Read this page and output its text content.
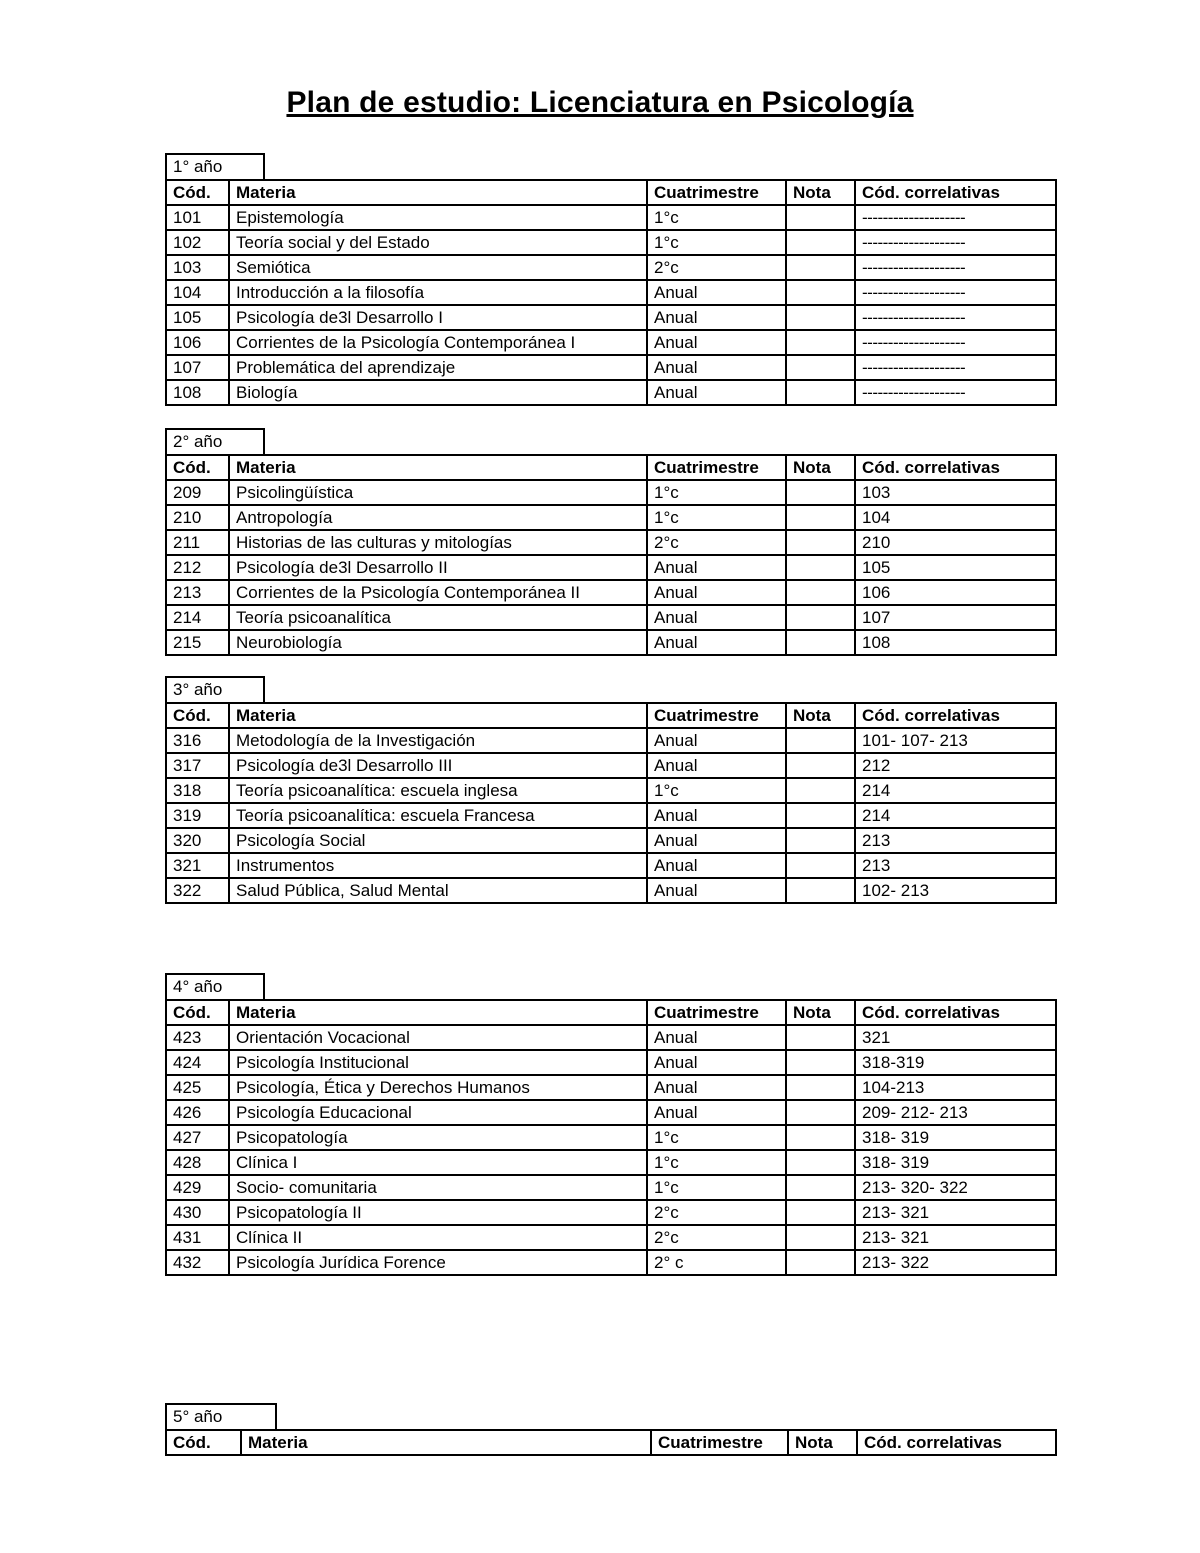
Plan de estudio: Licenciatura en Psicología
1° año
Cód.	Materia	Cuatrimestre	Nota	Cód. correlativas
101	Epistemología	1°c		--------------------
102	Teoría social y del Estado	1°c		--------------------
103	Semiótica	2°c		--------------------
104	Introducción a la filosofía	Anual		--------------------
105	Psicología de3l Desarrollo I	Anual		--------------------
106	Corrientes de la Psicología Contemporánea I	Anual		--------------------
107	Problemática del aprendizaje	Anual		--------------------
108	Biología	Anual		--------------------
2° año
Cód.	Materia	Cuatrimestre	Nota	Cód. correlativas
209	Psicolingüística	1°c		103
210	Antropología	1°c		104
211	Historias de las culturas y mitologías	2°c		210
212	Psicología de3l Desarrollo II	Anual		105
213	Corrientes de la Psicología Contemporánea II	Anual		106
214	Teoría psicoanalítica	Anual		107
215	Neurobiología	Anual		108
3° año
Cód.	Materia	Cuatrimestre	Nota	Cód. correlativas
316	Metodología de la Investigación	Anual		101- 107- 213
317	Psicología de3l Desarrollo III	Anual		212
318	Teoría psicoanalítica: escuela inglesa	1°c		214
319	Teoría psicoanalítica: escuela Francesa	Anual		214
320	Psicología Social	Anual		213
321	Instrumentos	Anual		213
322	Salud Pública, Salud Mental	Anual		102- 213
4° año
Cód.	Materia	Cuatrimestre	Nota	Cód. correlativas
423	Orientación Vocacional	Anual		321
424	Psicología Institucional	Anual		318-319
425	Psicología, Ética y Derechos Humanos	Anual		104-213
426	Psicología Educacional	Anual		209- 212- 213
427	Psicopatología	1°c		318- 319
428	Clínica I	1°c		318- 319
429	Socio- comunitaria	1°c		213- 320- 322
430	Psicopatología II	2°c		213- 321
431	Clínica II	2°c		213- 321
432	Psicología Jurídica Forence	2° c		213- 322
5° año
Cód.	Materia	Cuatrimestre	Nota	Cód. correlativas
